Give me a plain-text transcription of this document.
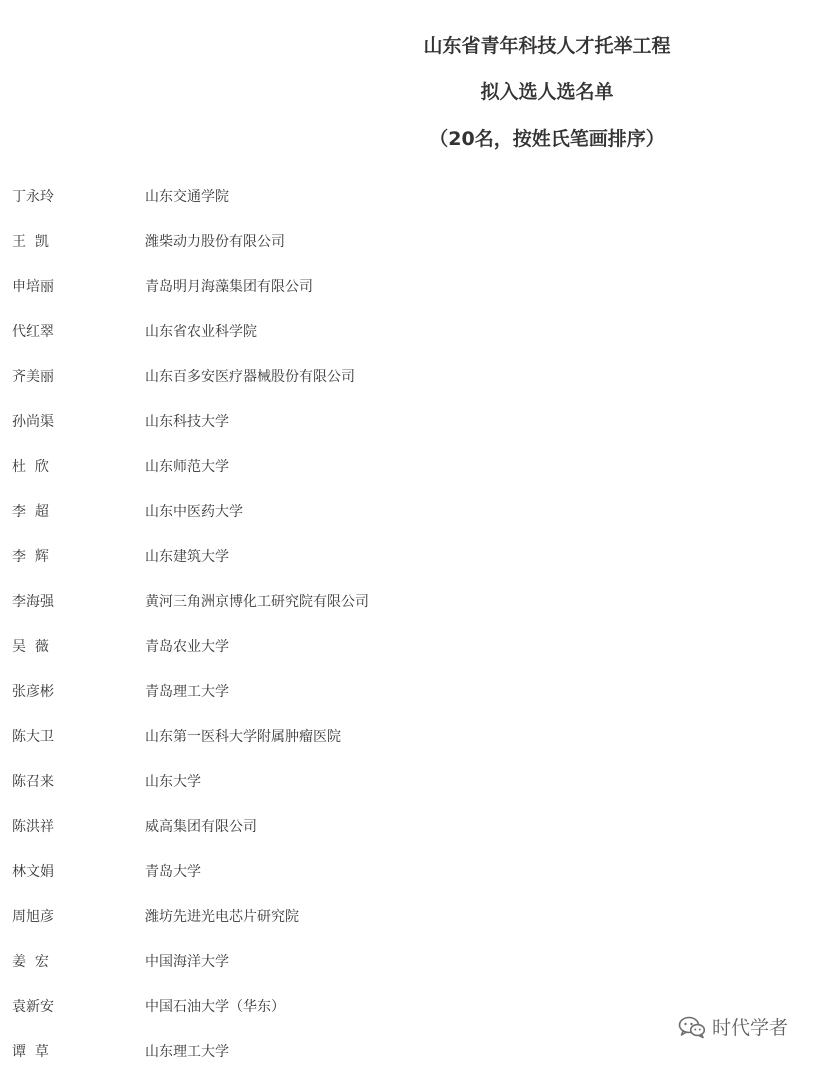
山东省青年科技人才托举工程
拟入选人选名单
（20名，按姓氏笔画排序）
丁永玲	山东交通学院
王  凯	潍柴动力股份有限公司
申培丽	青岛明月海藻集团有限公司
代红翠	山东省农业科学院
齐美丽	山东百多安医疗器械股份有限公司
孙尚渠	山东科技大学
杜  欣	山东师范大学
李  超	山东中医药大学
李  辉	山东建筑大学
李海强	黄河三角洲京博化工研究院有限公司
吴  薇	青岛农业大学
张彦彬	青岛理工大学
陈大卫	山东第一医科大学附属肿瘤医院
陈召来	山东大学
陈洪祥	威高集团有限公司
林文娟	青岛大学
周旭彦	潍坊先进光电芯片研究院
姜  宏	中国海洋大学
袁新安	中国石油大学（华东）
谭  草	山东理工大学
时代学者
